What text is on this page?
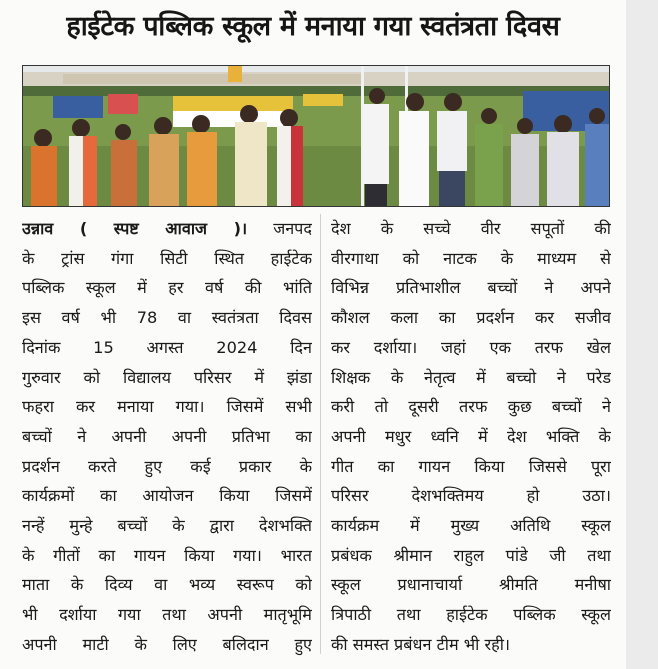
हाईटेक पब्लिक स्कूल में मनाया गया स्वतंत्रता दिवस
उन्नाव ( स्पष्ट आवाज )। जनपद
के ट्रांस गंगा सिटी स्थित हाईटेक
पब्लिक स्कूल में हर वर्ष की भांति
इस वर्ष भी 78 वा स्वतंत्रता दिवस
दिनांक 15 अगस्त 2024 दिन
गुरुवार को विद्यालय परिसर में झंडा
फहरा कर मनाया गया। जिसमें सभी
बच्चों ने अपनी अपनी प्रतिभा का
प्रदर्शन करते हुए कई प्रकार के
कार्यक्रमों का आयोजन किया जिसमें
नन्हें मुन्हे बच्चों के द्वारा देशभक्ति
के गीतों का गायन किया गया। भारत
माता के दिव्य वा भव्य स्वरूप को
भी दर्शाया गया तथा अपनी मातृभूमि
अपनी माटी के लिए बलिदान हुए
देश के सच्चे वीर सपूतों की
वीरगाथा को नाटक के माध्यम से
विभिन्न प्रतिभाशील बच्चों ने अपने
कौशल कला का प्रदर्शन कर सजीव
कर दर्शाया। जहां एक तरफ खेल
शिक्षक के नेतृत्व में बच्चो ने परेड
करी तो दूसरी तरफ कुछ बच्चों ने
अपनी मधुर ध्वनि में देश भक्ति के
गीत का गायन किया जिससे पूरा
परिसर देशभक्तिमय हो उठा।
कार्यक्रम में मुख्य अतिथि स्कूल
प्रबंधक श्रीमान राहुल पांडे जी तथा
स्कूल प्रधानाचार्या श्रीमति मनीषा
त्रिपाठी तथा हाईटेक पब्लिक स्कूल
की समस्त प्रबंधन टीम भी रही।
